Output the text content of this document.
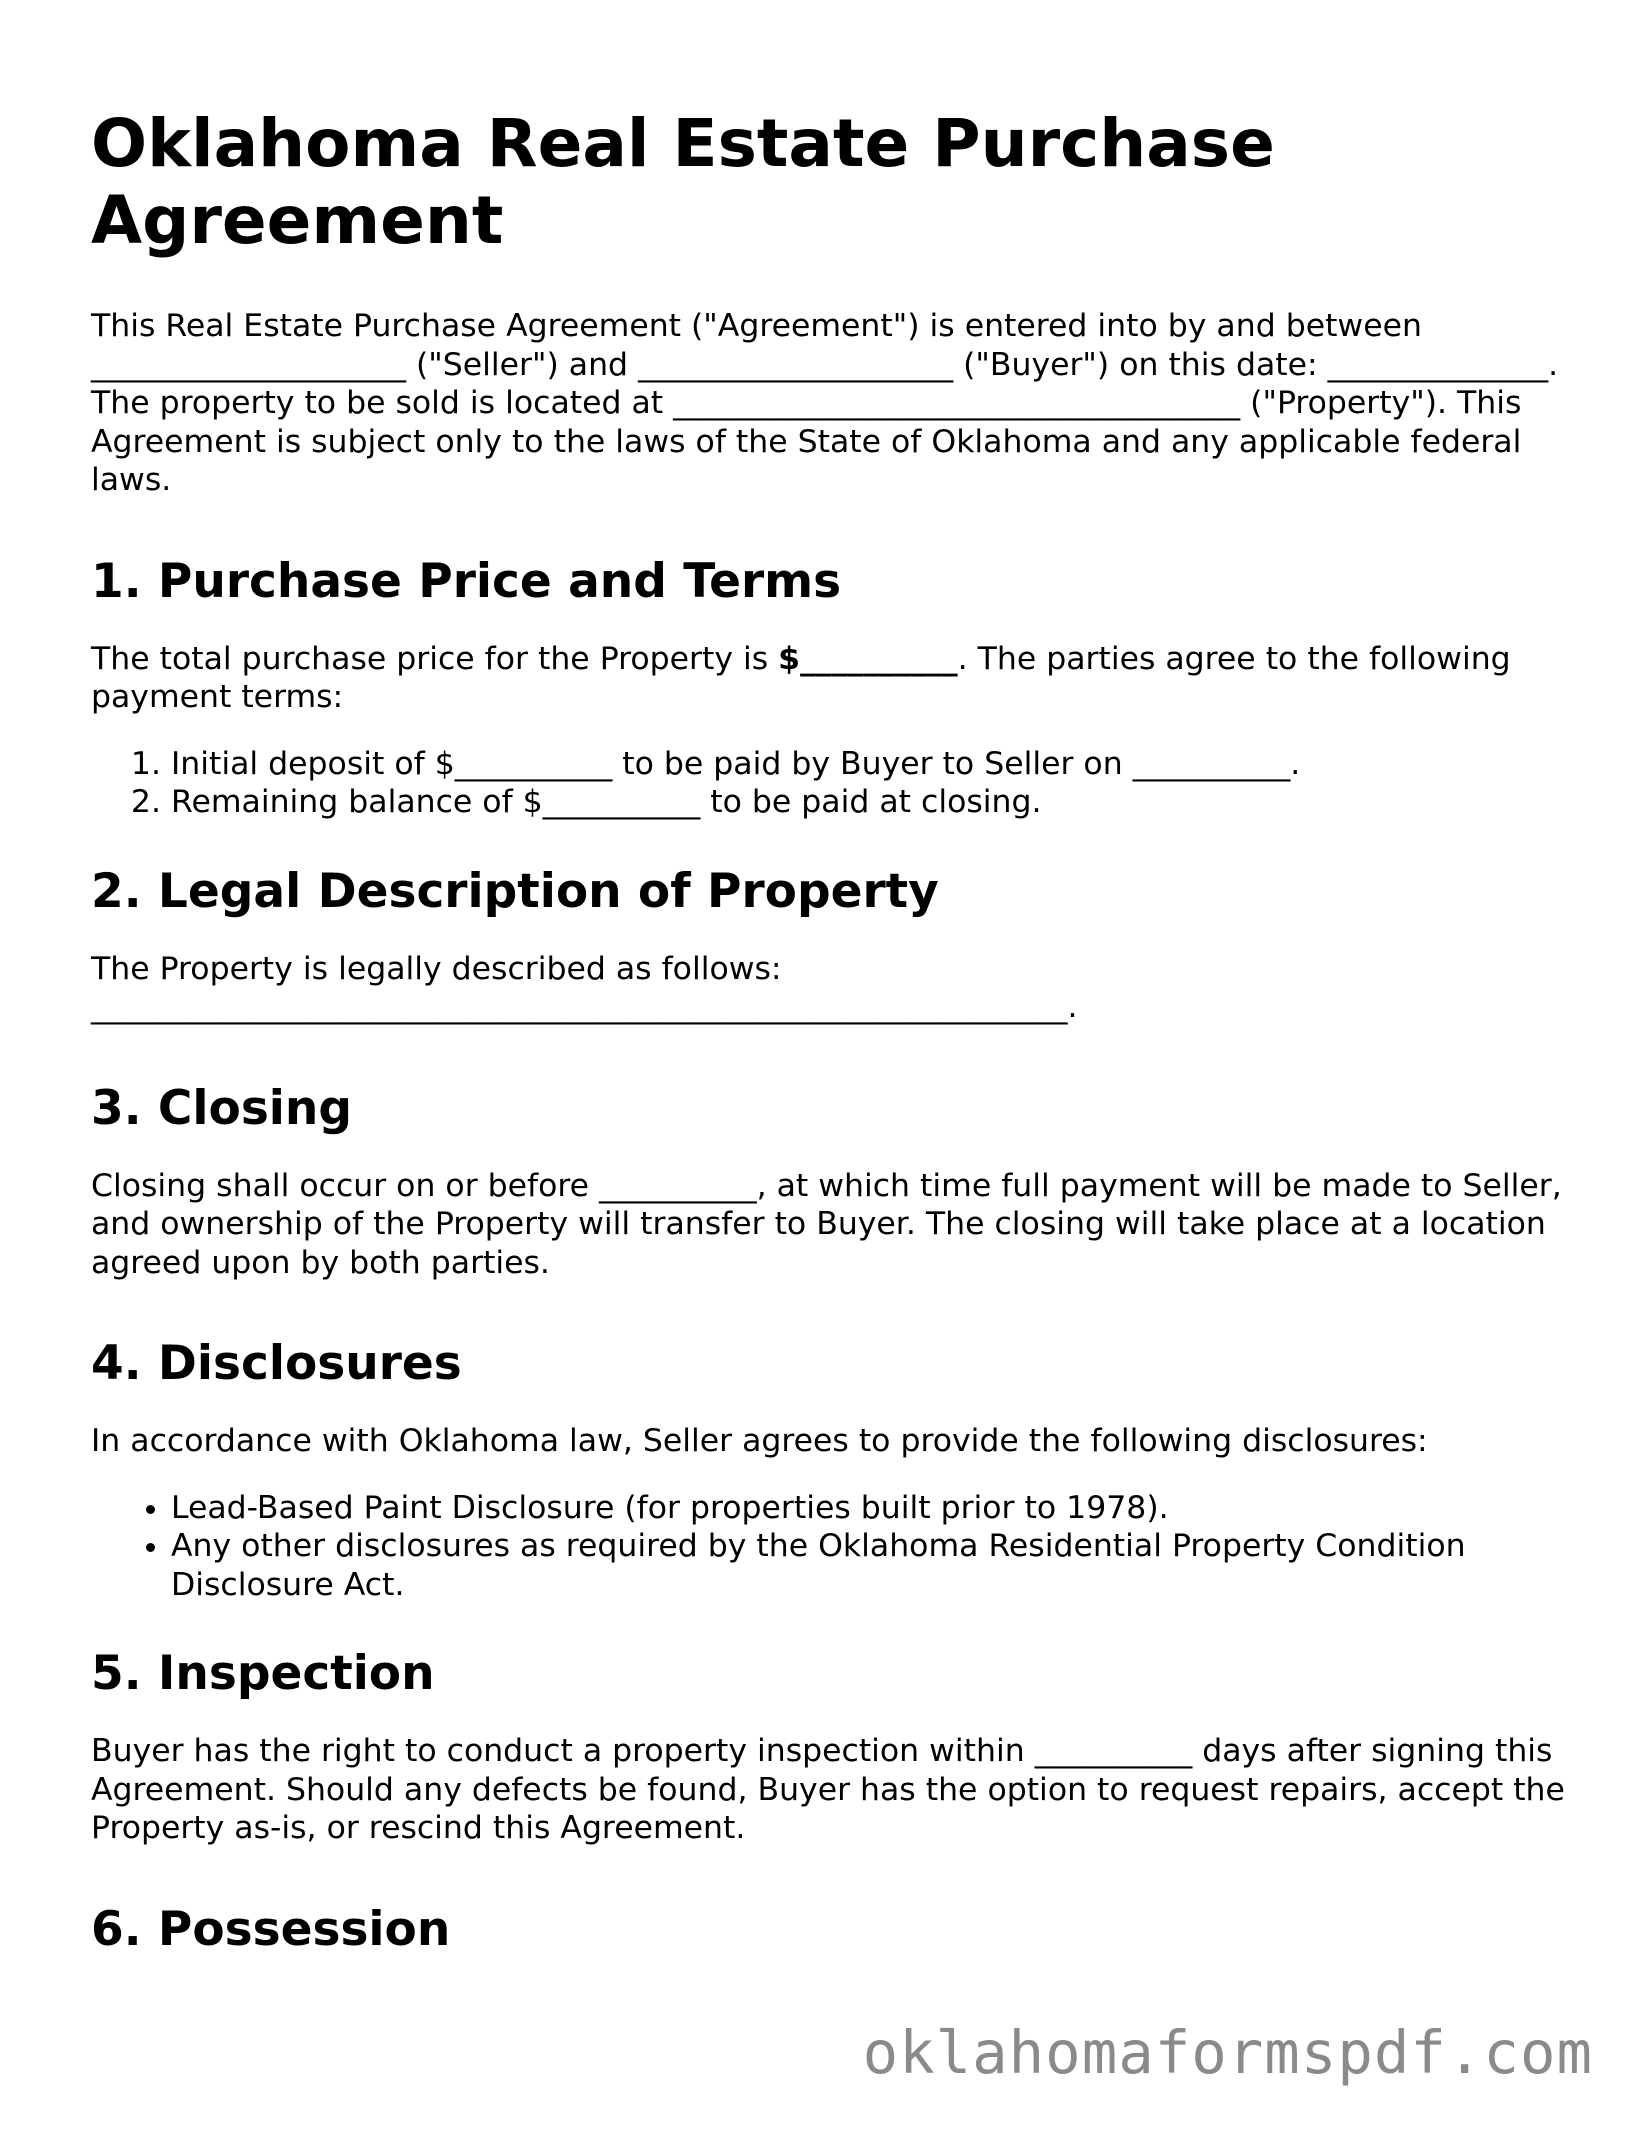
Oklahoma Real Estate Purchase Agreement

This Real Estate Purchase Agreement ("Agreement") is entered into by and between ____________________ ("Seller") and ____________________ ("Buyer") on this date: ______________. The property to be sold is located at ____________________________________ ("Property"). This Agreement is subject only to the laws of the State of Oklahoma and any applicable federal laws.

1. Purchase Price and Terms

The total purchase price for the Property is $__________. The parties agree to the following payment terms:

1. Initial deposit of $__________ to be paid by Buyer to Seller on __________.
2. Remaining balance of $__________ to be paid at closing.
2. Legal Description of Property

The Property is legally described as follows: ______________________________________________________________.

3. Closing

Closing shall occur on or before __________, at which time full payment will be made to Seller, and ownership of the Property will transfer to Buyer. The closing will take place at a location agreed upon by both parties.

4. Disclosures

In accordance with Oklahoma law, Seller agrees to provide the following disclosures:

• Lead-Based Paint Disclosure (for properties built prior to 1978).
• Any other disclosures as required by the Oklahoma Residential Property Condition Disclosure Act.
5. Inspection

Buyer has the right to conduct a property inspection within __________ days after signing this Agreement. Should any defects be found, Buyer has the option to request repairs, accept the Property as-is, or rescind this Agreement.

6. Possession
oklahomaformspdf.com
